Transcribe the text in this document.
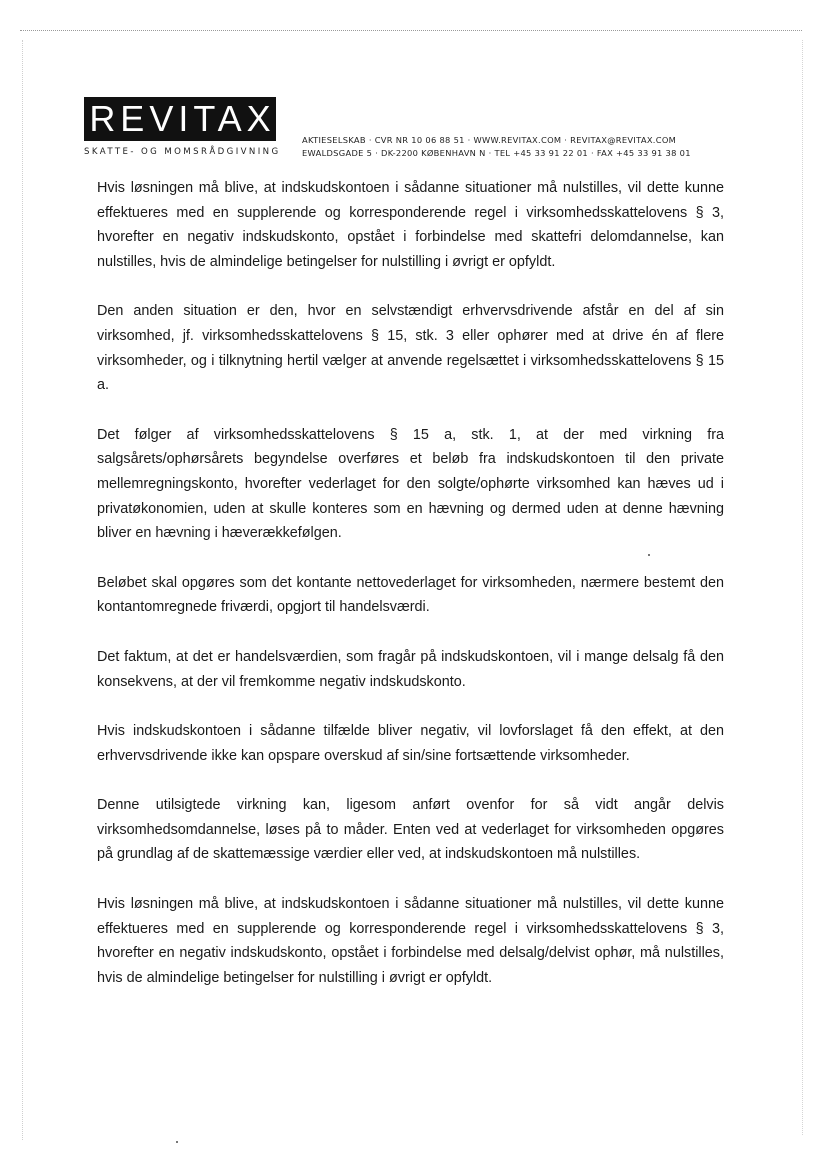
REVITAX
SKATTE- OG MOMSRÅDGIVNING
AKTIESELSKAB · CVR NR 10 06 88 51 · WWW.REVITAX.COM · REVITAX@REVITAX.COM
EWALDSGADE 5 · DK-2200 KØBENHAVN N · TEL +45 33 91 22 01 · FAX +45 33 91 38 01

Hvis løsningen må blive, at indskudskontoen i sådanne situationer må nulstilles, vil dette kunne effektueres med en supplerende og korresponderende regel i virksomhedsskattelovens § 3, hvorefter en negativ indskudskonto, opstået i forbindelse med skattefri delomdannelse, kan nulstilles, hvis de almindelige betingelser for nulstilling i øvrigt er opfyldt.

Den anden situation er den, hvor en selvstændigt erhvervsdrivende afstår en del af sin virksomhed, jf. virksomhedsskattelovens § 15, stk. 3 eller ophører med at drive én af flere virksomheder, og i tilknytning hertil vælger at anvende regelsættet i virksomhedsskattelovens § 15 a.

Det følger af virksomhedsskattelovens § 15 a, stk. 1, at der med virkning fra salgsårets/ophørsårets begyndelse overføres et beløb fra indskudskontoen til den private mellemregningskonto, hvorefter vederlaget for den solgte/ophørte virksomhed kan hæves ud i privatøkonomien, uden at skulle konteres som en hævning og dermed uden at denne hævning bliver en hævning i hæverækkefølgen.

Beløbet skal opgøres som det kontante nettovederlaget for virksomheden, nærmere bestemt den kontantomregnede friværdi, opgjort til handelsværdi.

Det faktum, at det er handelsværdien, som fragår på indskudskontoen, vil i mange delsalg få den konsekvens, at der vil fremkomme negativ indskudskonto.

Hvis indskudskontoen i sådanne tilfælde bliver negativ, vil lovforslaget få den effekt, at den erhvervsdrivende ikke kan opspare overskud af sin/sine fortsættende virksomheder.

Denne utilsigtede virkning kan, ligesom anført ovenfor for så vidt angår delvis virksomhedsomdannelse, løses på to måder. Enten ved at vederlaget for virksomheden opgøres på grundlag af de skattemæssige værdier eller ved, at indskudskontoen må nulstilles.

Hvis løsningen må blive, at indskudskontoen i sådanne situationer må nulstilles, vil dette kunne effektueres med en supplerende og korresponderende regel i virksomhedsskattelovens § 3, hvorefter en negativ indskudskonto, opstået i forbindelse med delsalg/delvist ophør, må nulstilles, hvis de almindelige betingelser for nulstilling i øvrigt er opfyldt.
